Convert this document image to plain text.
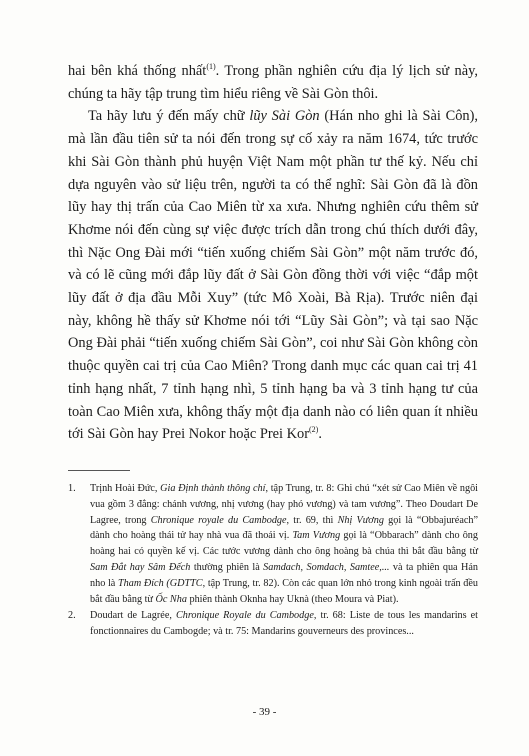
hai bên khá thống nhất$^{(1)}$. Trong phần nghiên cứu địa lý lịch sử này, chúng ta hãy tập trung tìm hiểu riêng về Sài Gòn thôi.

Ta hãy lưu ý đến mấy chữ lũy Sài Gòn (Hán nho ghi là Sài Côn), mà lần đầu tiên sử ta nói đến trong sự cố xảy ra năm 1674, tức trước khi Sài Gòn thành phủ huyện Việt Nam một phần tư thế kỷ. Nếu chỉ dựa nguyên vào sử liệu trên, người ta có thể nghĩ: Sài Gòn đã là đồn lũy hay thị trấn của Cao Miên từ xa xưa. Nhưng nghiên cứu thêm sử Khơme nói đến cùng sự việc được trích dẫn trong chú thích dưới đây, thì Nặc Ong Đài mới “tiến xuống chiếm Sài Gòn” một năm trước đó, và có lẽ cũng mới đắp lũy đất ở Sài Gòn đồng thời với việc “đắp một lũy đất ở địa đầu Mỗi Xuy” (tức Mô Xoài, Bà Rịa). Trước niên đại này, không hề thấy sử Khơme nói tới “Lũy Sài Gòn”; và tại sao Nặc Ong Đài phải “tiến xuống chiếm Sài Gòn”, coi như Sài Gòn không còn thuộc quyền cai trị của Cao Miên? Trong danh mục các quan cai trị 41 tỉnh hạng nhất, 7 tỉnh hạng nhì, 5 tỉnh hạng ba và 3 tỉnh hạng tư của toàn Cao Miên xưa, không thấy một địa danh nào có liên quan ít nhiều tới Sài Gòn hay Prei Nokor hoặc Prei Kor$^{(2)}$.

1.	Trịnh Hoài Đức, Gia Định thành thông chí, tập Trung, tr. 8: Ghi chú “xét sử Cao Miên về ngôi vua gồm 3 đẳng: chánh vương, nhị vương (hay phó vương) và tam vương”. Theo Doudart De Lagree, trong Chronique royale du Cambodge, tr. 69, thì Nhị Vương gọi là “Obbajuréach” dành cho hoàng thái tử hay nhà vua đã thoái vị. Tam Vương gọi là “Obbarach” dành cho ông hoàng hai có quyền kế vị. Các tước vương dành cho ông hoàng bà chúa thì bắt đầu bằng từ Sam Đắt hay Sâm Đếch thường phiên là Samdach, Somdach, Samtee,... và ta phiên qua Hán nho là Tham Đích (GDTTC, tập Trung, tr. 82). Còn các quan lớn nhỏ trong kinh ngoài trấn đều bắt đầu bằng từ Ốc Nha phiên thành Oknha hay Uknà (theo Moura và Piat).
2.	Doudart de Lagrée, Chronique Royale du Cambodge, tr. 68: Liste de tous les mandarins et fonctionnaires du Cambogde; và tr. 75: Mandarins gouverneurs des provinces...
- 39 -
